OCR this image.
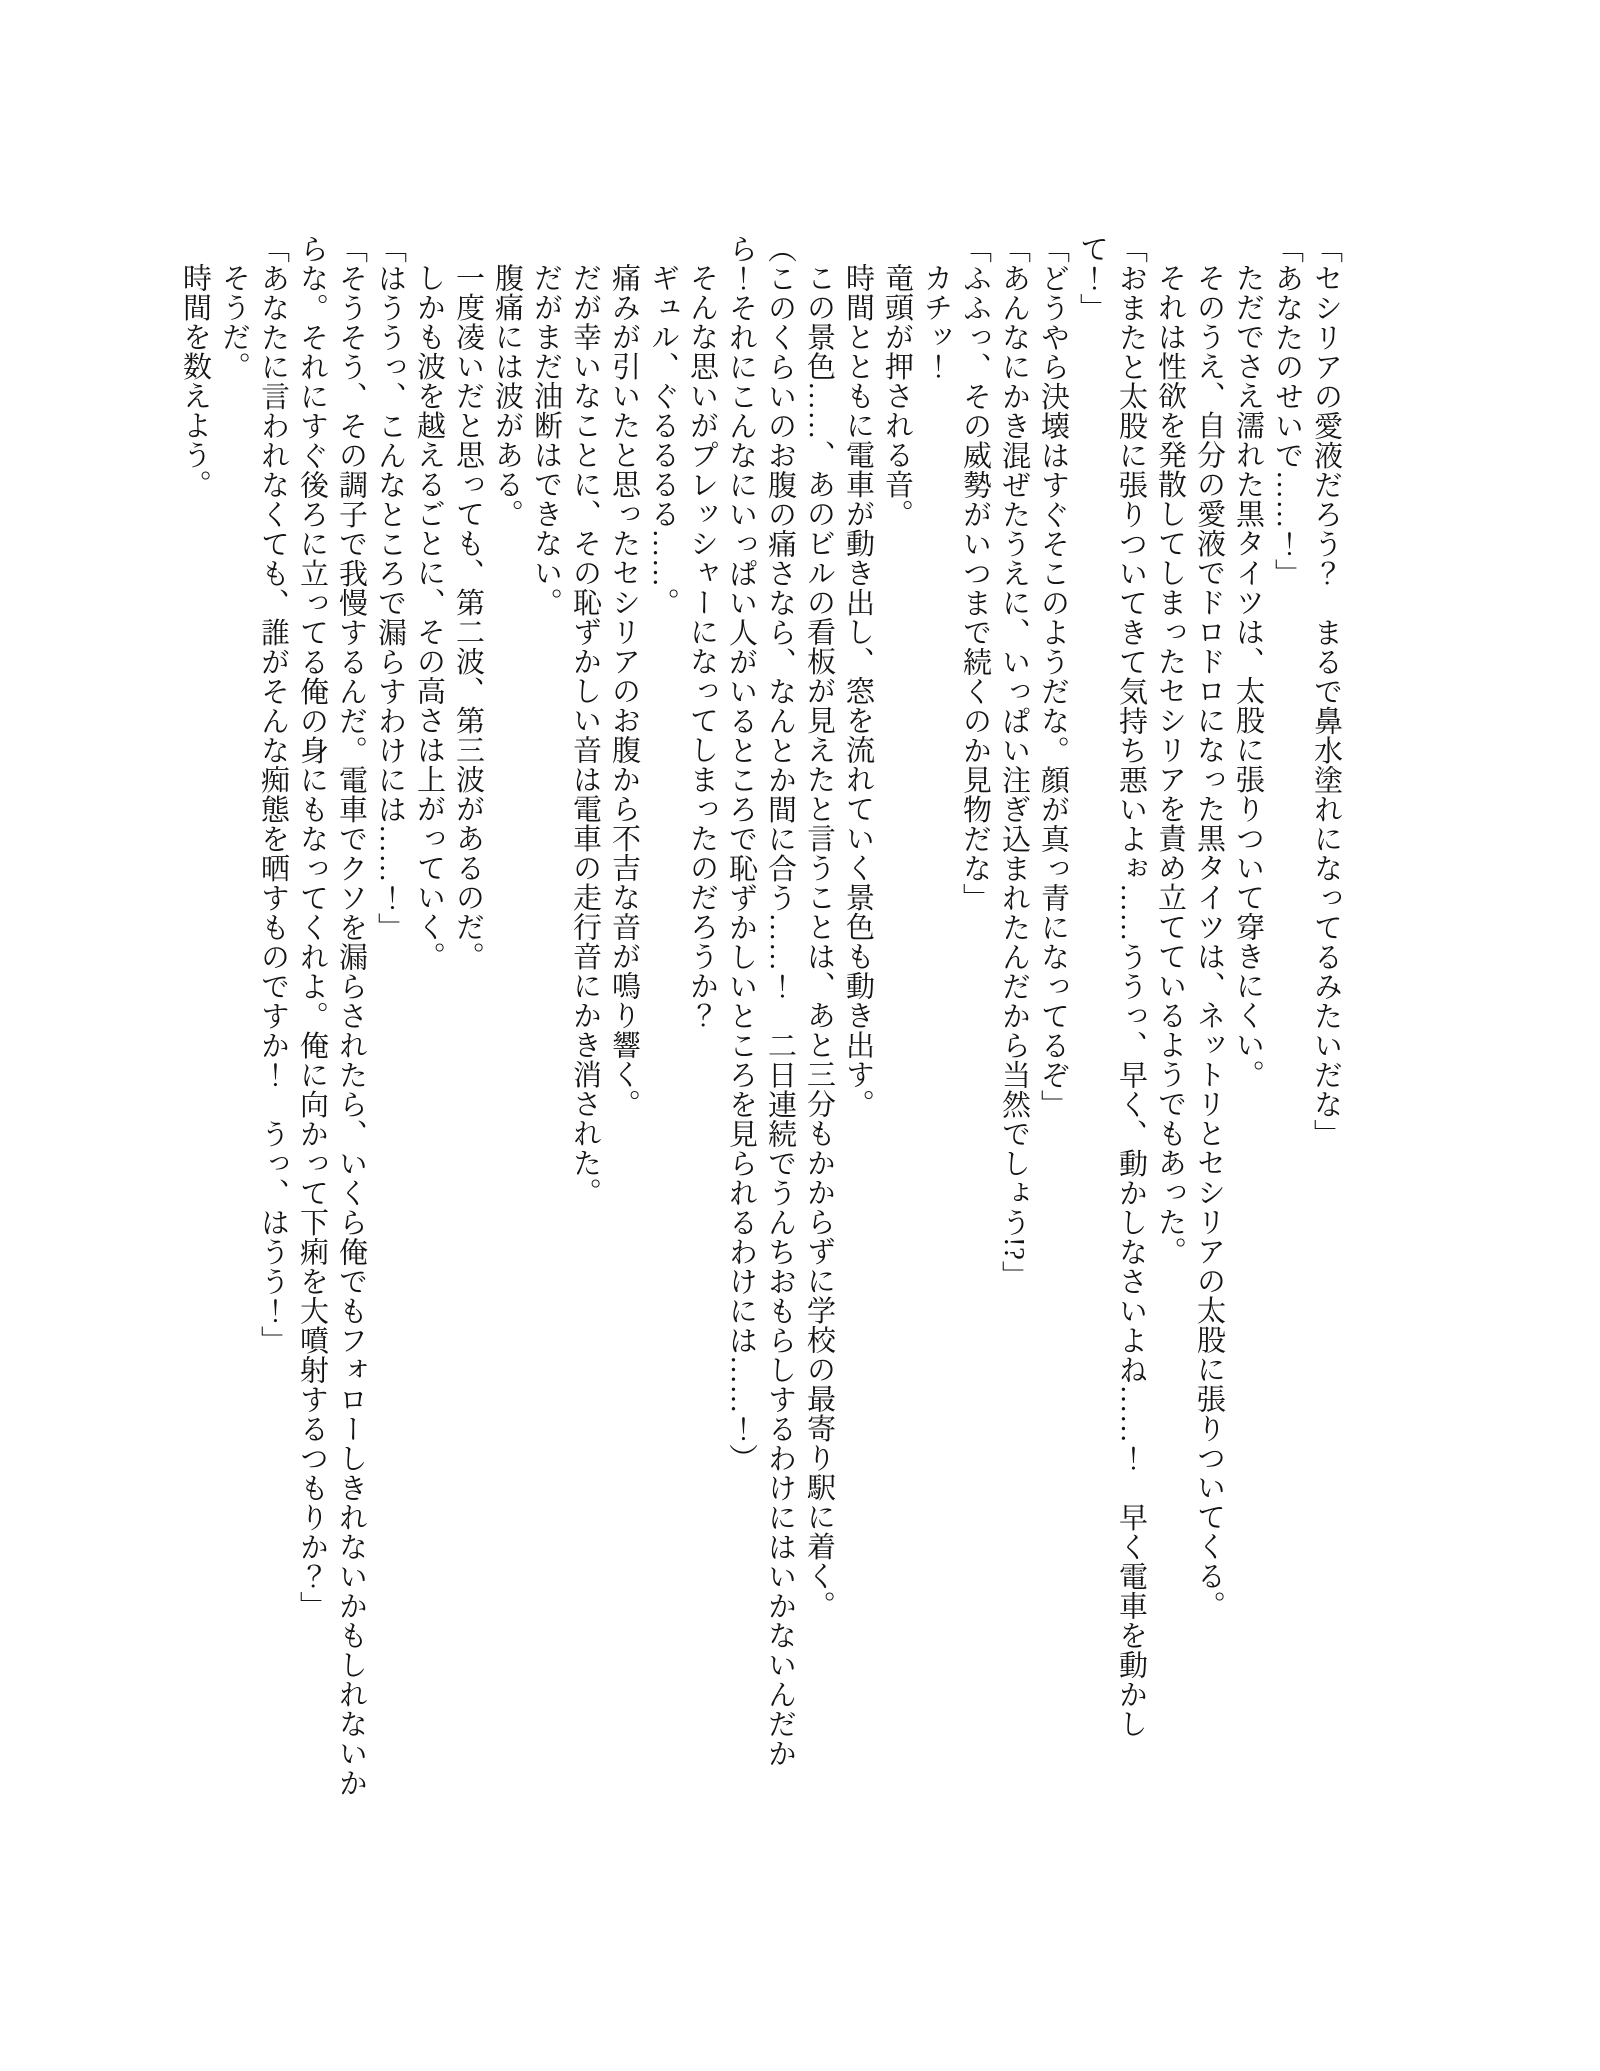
「セシリアの愛液だろう？　まるで鼻水塗れになってるみたいだな」

「あなたのせいで……！」

ただでさえ濡れた黒タイツは、太股に張りついて穿きにくい。

そのうえ、自分の愛液でドロドロになった黒タイツは、ネットリとセシリアの太股に張りついてくる。

それは性欲を発散してしまったセシリアを責め立てているようでもあった。

「おまたと太股に張りついてきて気持ち悪いよぉ……ううっ、早く、動かしなさいよね……！　早く電車を動かして！」

「どうやら決壊はすぐそこのようだな。顔が真っ青になってるぞ」

「あんなにかき混ぜたうえに、いっぱい注ぎ込まれたんだから当然でしょう!?」

「ふふっ、その威勢がいつまで続くのか見物だな」

カチッ！

竜頭が押される音。

時間とともに電車が動き出し、窓を流れていく景色も動き出す。

この景色……、あのビルの看板が見えたと言うことは、あと三分もかからずに学校の最寄り駅に着く。

（このくらいのお腹の痛さなら、なんとか間に合う……！　二日連続でうんちおもらしするわけにはいかないんだから！それにこんなにいっぱい人がいるところで恥ずかしいところを見られるわけには……！）

そんな思いがプレッシャーになってしまったのだろうか？

ギュル、ぐるるるる……。

痛みが引いたと思ったセシリアのお腹から不吉な音が鳴り響く。

だが幸いなことに、その恥ずかしい音は電車の走行音にかき消された。

だがまだ油断はできない。

腹痛には波がある。

一度凌いだと思っても、第二波、第三波があるのだ。

しかも波を越えるごとに、その高さは上がっていく。

「はううっ、こんなところで漏らすわけには……！」

「そうそう、その調子で我慢するんだ。電車でクソを漏らされたら、いくら俺でもフォローしきれないかもしれないからな。それにすぐ後ろに立ってる俺の身にもなってくれよ。俺に向かって下痢を大噴射するつもりか？」

「あなたに言われなくても、誰がそんな痴態を晒すものですか！　うっ、はうう！」

そうだ。

時間を数えよう。
